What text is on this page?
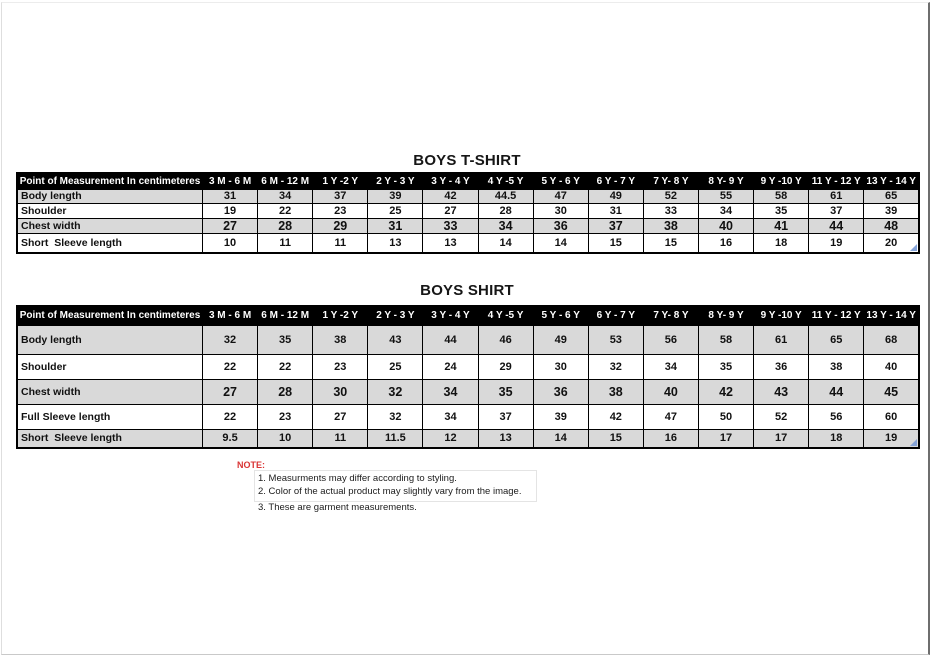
BOYS T-SHIRT
Point of Measurement In centimeteres	3 M - 6 M	6 M - 12 M	1 Y -2 Y	2 Y - 3 Y	3 Y - 4 Y	4 Y -5 Y	5 Y - 6 Y	6 Y - 7 Y	7 Y- 8 Y	8 Y- 9 Y	9 Y -10 Y	11 Y - 12 Y	13 Y - 14 Y
Body length	31	34	37	39	42	44.5	47	49	52	55	58	61	65
Shoulder	19	22	23	25	27	28	30	31	33	34	35	37	39
Chest width	27	28	29	31	33	34	36	37	38	40	41	44	48
Short  Sleeve length	10	11	11	13	13	14	14	15	15	16	18	19	20
BOYS SHIRT
Point of Measurement In centimeteres	3 M - 6 M	6 M - 12 M	1 Y -2 Y	2 Y - 3 Y	3 Y - 4 Y	4 Y -5 Y	5 Y - 6 Y	6 Y - 7 Y	7 Y- 8 Y	8 Y- 9 Y	9 Y -10 Y	11 Y - 12 Y	13 Y - 14 Y
Body length	32	35	38	43	44	46	49	53	56	58	61	65	68
Shoulder	22	22	23	25	24	29	30	32	34	35	36	38	40
Chest width	27	28	30	32	34	35	36	38	40	42	43	44	45
Full Sleeve length	22	23	27	32	34	37	39	42	47	50	52	56	60
Short  Sleeve length	9.5	10	11	11.5	12	13	14	15	16	17	17	18	19
NOTE:
1. Measurments may differ according to styling.
2. Color of the actual product may slightly vary from the image.
3. These are garment measurements.
